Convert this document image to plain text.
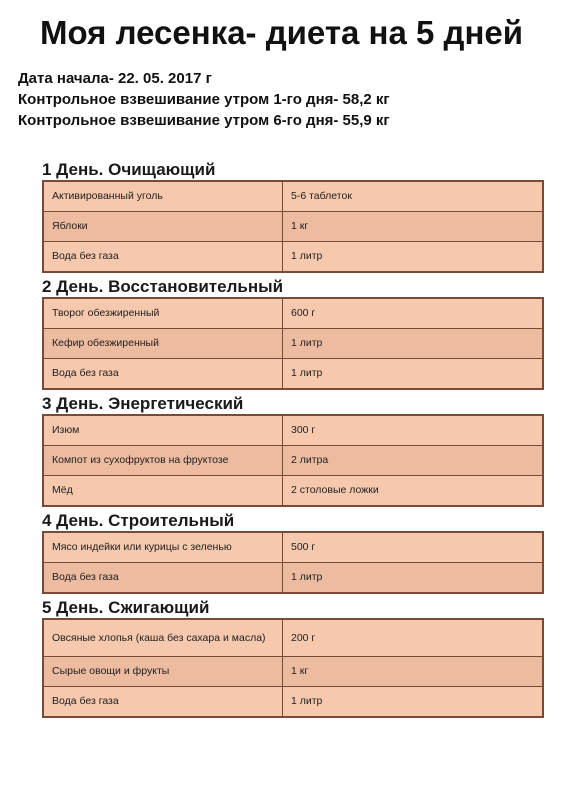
Моя лесенка- диета на 5 дней
Дата начала- 22. 05. 2017 г
Контрольное взвешивание утром 1-го дня- 58,2 кг
Контрольное взвешивание утром 6-го дня- 55,9 кг
1 День. Очищающий
Активированный уголь	5-6 таблеток
Яблоки	1 кг
Вода без газа	1 литр
2 День. Восстановительный
Творог обезжиренный	600 г
Кефир обезжиренный	1 литр
Вода без газа	1 литр
3 День. Энергетический
Изюм	300 г
Компот из сухофруктов на фруктозе	2 литра
Мёд	2 столовые ложки
4 День. Строительный
Мясо индейки или курицы с зеленью	500 г
Вода без газа	1 литр
5 День. Сжигающий
Овсяные хлопья (каша без сахара и масла)	200 г
Сырые овощи и фрукты	1 кг
Вода без газа	1 литр
